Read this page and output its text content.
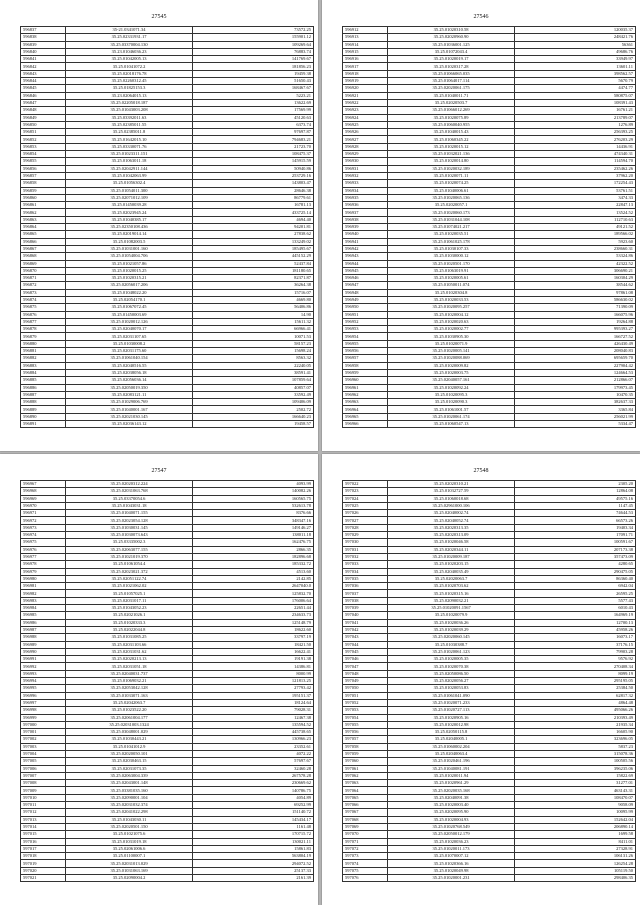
27545
596837	35-21.0341071.34	73572.25
596838	35.25.02331931.17	155901.12
596839	35.25.03370004.130	109269.64
596840	35.23.01046036.23	76883.74
596841	35.25.01042005.13	141769.67
596842	35.25.01041072.2	181856.23
596843	35.25.02018176.78	19459.38
596844	35.25.02260312.45	51650.43
596845	35.25.01825153.3	168467.67
596846	35.23.02064015.13	5223.21
596847	35.25.02205018.187	13622.69
596848	35.25.01043003.208	17569.99
596849	35.25.03392011.63	45120.63
596850	35.25.02385011.55	6373.74
596851	35.25.02385011.8	97697.87
596852	35.25.01642015.10	794683.21
596853	35.25.03330071.76	21723.70
596854	35.25.01023311.151	108475.37
596855	35.25.01063011.18	145915.59
596856	35.25.02042911.144	50940.86
596857	35.25.01042063.99	253729.16
596858	35.25.01056302.4	143803.47
596859	35.25.01054011.300	28646.38
596860	35.25.02071012.109	86779.61
596861	35.25.01450039.28	16781.13
596862	35.25.02023945.24	433725.14
596863	35.25.01040385.17	4694.40
596864	35.25.02350108.436	94201.81
596865	35.25.02019014.14	27838.62
596866	35.25.01082003.5	133249.02
596867	35.25.01031001.160	185495.67
596868	35.25.01054004.706	445152.29
596869	35.25.01021057.86	52437.84
596870	35.25.01020015.25	181180.65
596871	35.25.01020315.21	82371.87
596872	35.25.02056017.206	36264.38
596873	35.25.01048022.20	15716.07
596874	35.25.02054170.1	4669.80
596875	35.25.01067072.45	56406.86
596876	35.25.01450003.69	14.90
596877	35.25.01020012.126	15611.32
596878	35.25.02040070.17	66966.41
596879	35.25.02031107.65	10071.53
596880	35.25.01030008.2	58157.23
596881	35.25.02031175.60	15698.24
596882	35.25.01061040.154	8563.32
596883	35.25.02040516.55	22240.05
596884	35.25.02038056.18	38591.41
596885	35.25.02056036.14	107859.64
596886	35.25.02050019.350	40857.07
596887	35.25.02083121.11	33592.49
596888	35.25.01029006.769	109406.09
596889	35.25.01040001.167	2502.72
596890	35.25.02021030.145	166640.23
596891	35.25.02036143.12	19458.57
27546
596912	35.25.01020310.58	120035.37
596913	35.25.02020960.90	248421.76
596914	35.25.01036001.125	56361
596915	35.25.01072043.4	49686.76
596916	35.25.01020019.17	33949.97
596917	35.25.01020317.28	13601.11
596918	35.25.01066065.035	398562.57
596919	35.25.01064017.114	5670.79
596920	35.25.02020061.175	4474.77
596921	35.25.01040011.71	580875.07
596922	35.25.02020503.7	108391.43
596923	35.25.01066012.269	16761.21
596924	35.25.01020075.89	213789.07
596925	35.25.01060040.955	1276.89
596926	35.25.01040015.43	256393.25
596927	35.25.01060345.22	276203.29
596928	35.25.01020015.12	14436.91
596929	35.25.01032021.136	474340.31
596930	35.25.01020014.80	114594.70
596931	35.25.01020032.189	235462.26
596932	35.25.01020071.11	37962.20
596933	35.25.01020074.25	172254.43
596934	35.25.01040006.61	53761.51
596935	35.25.01020065.136	3474.33
596936	35.25.02020057.1	22847.13
596937	35.25.01020060.173	13524.52
596938	35.25.01031044.108	112710.63
596939	35.25.01074021.217	49121.52
596940	35.25.01020035.51	189566.02
596941	35.25.01061025.178	5923.60
596942	35.25.01030107.33	238660.31
596943	35.25.01030000.12	53324.86
596944	35.25.01020501.170	42322.52
596945	35.25.01063019.91	306690.21
596946	35.25.01020005.61	160304.29
596947	35.25.01050011.074	38544.62
596948	35.25.01020304.8	97861.08
596949	35.25.01020033.53	586630.02
596950	35.25.01020095.257	71390.09
596951	35.25.01020004.12	166075.96
596952	35.25.01020020.63	19264.88
596953	35.25.01020002.77	995393.27
596954	35.25.01030905.30	166727.52
596955	35.25.01020071.9	426430.49
596956	35.25.01020005.141	208040.83
596957	35.25.01020088.069	695659.70
596958	35.25.01020009.82	227904.42
596959	35.25.01020003.75	124664.53
596960	35.25.02040057.161	212866.07
596961	35.25.01020092.24	179973.45
596962	35.25.01020095.3	10470.35
596963	35.25.01020090.3	382637.33
596964	35.25.01061001.57	3365.84
596965	35.25.01020061.174	256021.99
596966	35.25.01060547.13	5334.47
27547
596967	35.25.02020312.224	4093.99
596968	35.25.02031063.768	140082.26
596969	35.25.03370054.6	160565.75
596970	35.25.01043031.18	532613.78
596971	35.25.01040071.155	8376.66
596972	35.25.02023054.128	348347.16
596973	35.25.01030031.145	149146.27
596974	35.25.01030073.643	138011.18
596975	35.25.03335002.3	162476.75
596976	35.25.02063077.155	2866.35
596977	35.25.01021019.370	182896.68
596978	35.25.01061054.4	185332.72
596979	35.25.02023021.372	4513.60
596980	35.25.02051122.74	2142.85
596981	35.25.01021062.02	2647040.0
596982	35.25.01057025.1	125832.70
596983	35.25.02031017.11	176006.64
596984	35.25.01043052.23	22651.44
596985	35.25.02021026.1	234633.73
596986	35.25.01020333.3	125148.79
596987	35.25.02022044.8	18622.60
596988	35.25.01031085.25	33797.19
596989	35.25.02031103.66	18421.50
596990	35.25.02031031.62	16622.41
596991	35.25.02020213.13	19191.38
596992	35.25.02031051.18	14386.81
596993	35.25.02040031.737	8000.99
596994	35.25.01069032.21	121813.25
596995	35.25.02053042.128	27793.42
596996	35.25.01033071.163	195151.37
596997	35.25.02042063.7	18124.64
596998	35.25.01023522.20	79028.31
596999	35.25.02061004.177	12467.38
597000	35.25.02031003.1324	135594.52
597001	35.25.03048001.029	445738.65
597002	35.25.01030443.21	130966.23
597003	35.25.01041012.9	23352.61
597004	35.25.02020050.101	4072.22
597005	35.25.02030463.15	57697.67
597006	35.25.02031073.35	32460.28
597007	35.25.02063004.339	267578.28
597008	35.25.02043001.148	230669.62
597009	35.25.03381035.160	140786.75
597010	35.25.02090001.104	4054.89
597011	35.25.02031032.374	69252.99
597012	35.25.02041022.298	151140.72
597013	35.25.01043030.11	145434.17
597014	35.25.02020501.150	1161.48
597015	35.25.01021075.6	170715.72
597016	35.25.01031019.18	130021.11
597017	35.25.02061006.6	15861.83
597018	35.25.01100007.1	563804.19
597019	35.25.02031013.029	294072.52
597020	35.25.01031063.169	25137.33
597021	35.25.02090004.2	2161.39
27548
597022	35.25.02020310.21	2305.20
597023	35.25.01032727.59	12864.08
597024	35.25.01060018.68	49575.16
597025	35.25.02961000.106	1147.45
597026	35.25.02040002.74	74644.53
597027	35.25.02040052.74	66573.26
597028	35.25.02020313.35	19403.34
597029	35.25.02020313.09	17091.71
597030	35.25.01020046.58	100591.67
597031	35.25.02020344.11	207173.38
597032	35.25.01020009.187	357473.09
597033	35.25.01020203.15	4280.65
597034	35.25.02040035.49	290475.05
597035	35.25.02020063.7	86360.40
597036	35.25.01020703.62	6942.04
597037	35.25.01020315.16	26595.25
597038	35.25.02090032.21	5577.43
597039	35.25.01020091.1567	6010.43
597040	35.25.01020079.9	164969.19
597041	35.25.01020036.26	12700.13
597042	35.25.01020039.29	45958.26
597043	35.25.02020060.145	16073.17
597044	35.25.01030388.7	37176.15
597045	35.25.01020061.123	79903.28
597046	35.25.01020005.35	9576.92
597047	35.25.01020070.38	270408.34
597048	35.25.02050086.50	8099.19
597049	35.25.02020056.27	295195.05
597050	35.25.01020053.83	25384.50
597051	35.25.01061041.090	62817.32
597052	35.25.01020071.233	4864.48
597053	35.25.01020727.113	495066.26
597054	35.25.01020905.16	210393.49
597055	35.25.01020012.98	21935.34
597056	35.25.02050115.8	16605.90
597057	35.25.02040005.1	323696.05
597058	35.25.01060002.204	5837.23
597059	35.25.02040063.4	315078.36
597060	35.25.01020461.196	100505.56
597061	35.25.01040081.191	396235.06
597062	35.25.01020011.94	15822.69
597063	35.25.01020961.29	31277.01
597064	35.25.02020035.168	463143.31
597065	35.25.02040091.38	108470.07
597066	35.25.01020003.40	9058.09
597067	35.25.02020095.90	10095.99
597068	35.25.01020004.93	152642.04
597069	35.25.01020768.549	206890.14
597070	35.25.02050012.179	1699.58
597071	35.25.01020036.23	8411.01
597072	35.25.01020011.173	27328.91
597073	35.25.01070007.12	106131.26
597074	35.25.01020366.16	126254.28
597075	35.25.01020049.98	105119.50
597076	35.25.01020001.231	298406.35
